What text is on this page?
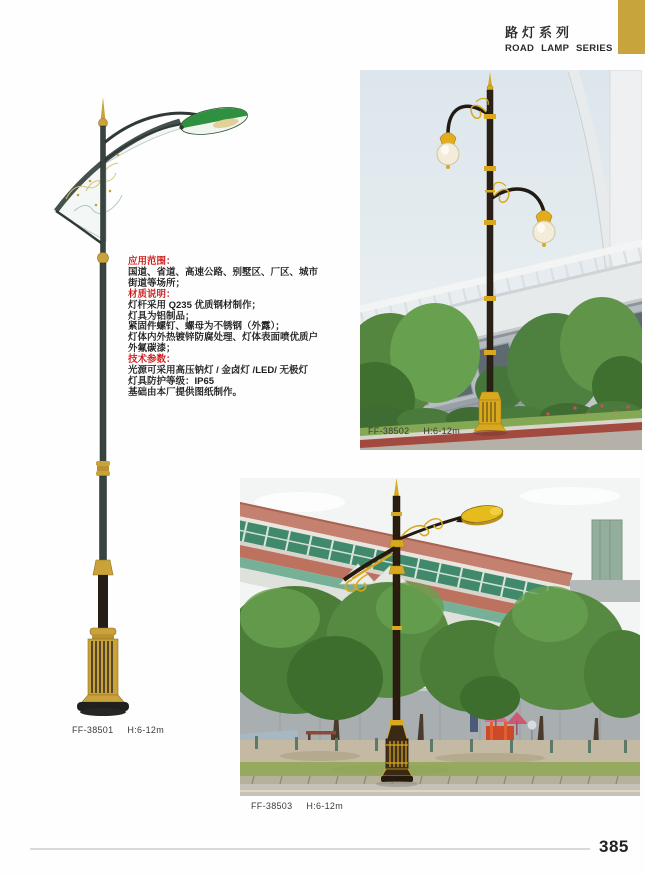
路灯系列
ROAD LAMP SERIES
应用范围：
国道、省道、高速公路、别墅区、厂区、城市
街道等场所；
材质说明：
灯杆采用 Q235 优质钢材制作；
灯具为铝制品；
紧固件螺钉、螺母为不锈钢（外露）；
灯体内外热镀锌防腐处理、灯体表面喷优质户
外氟碳漆；
技术参数：
光源可采用高压钠灯 / 金卤灯 /LED/ 无极灯
灯具防护等级：IP65
基础由本厂提供图纸制作。
FF-38502 H:6-12m
FF-38503 H:6-12m
FF-38501 H:6-12m
385
